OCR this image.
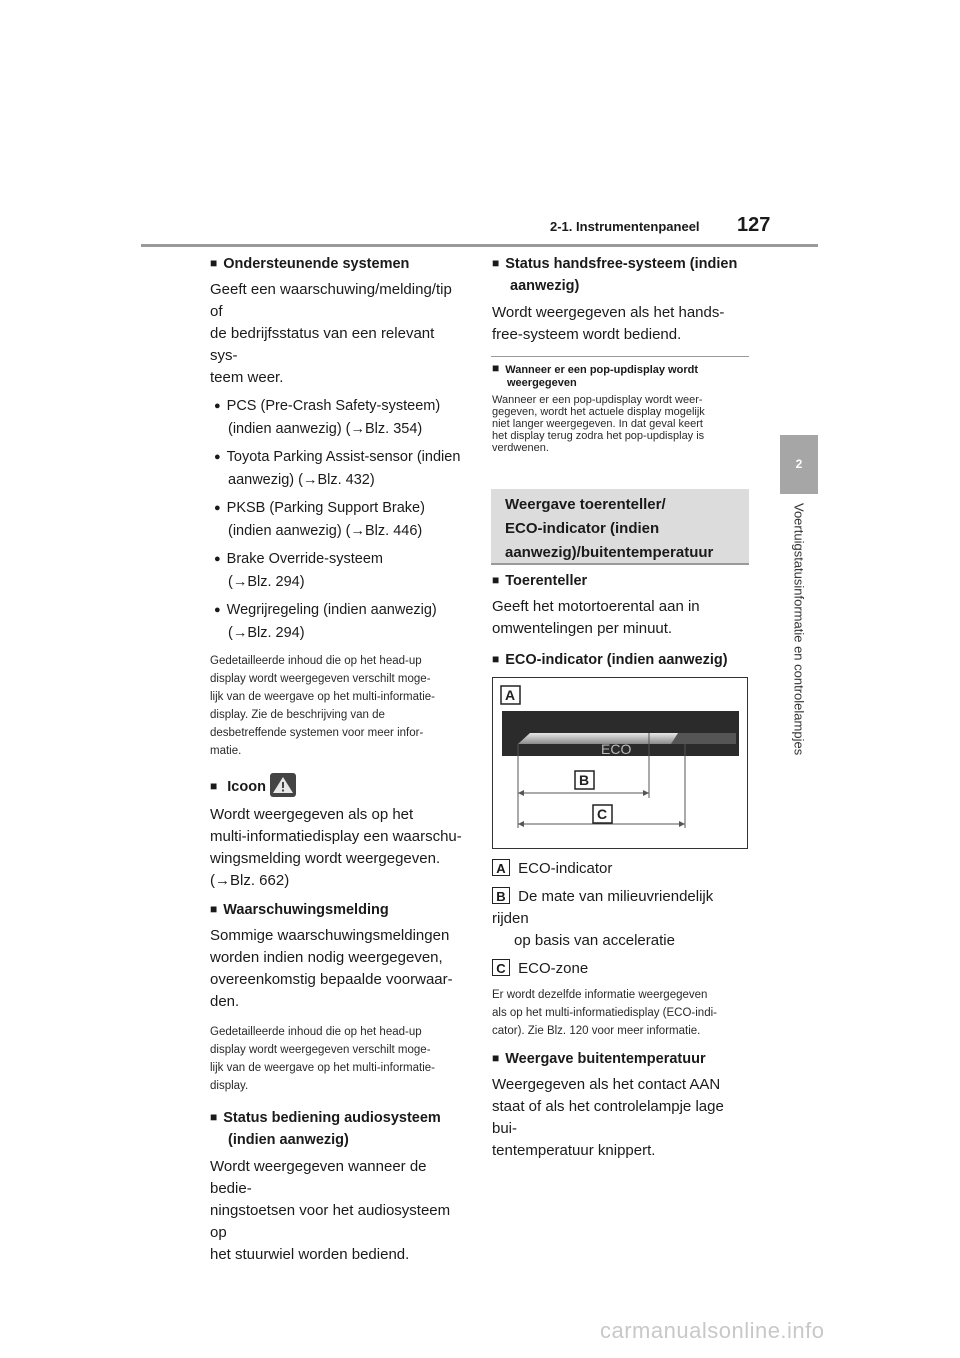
2-1. Instrumentenpaneel 127
2
Voertuigstatusinformatie en controlelampjes
■ Ondersteunende systemen
Geeft een waarschuwing/melding/tip of
de bedrijfsstatus van een relevant sys-
teem weer.
● PCS (Pre-Crash Safety-systeem)
(indien aanwezig) (→Blz. 354)
● Toyota Parking Assist-sensor (indien
aanwezig) (→Blz. 432)
● PKSB (Parking Support Brake)
(indien aanwezig) (→Blz. 446)
● Brake Override-systeem
(→Blz. 294)
● Wegrijregeling (indien aanwezig)
(→Blz. 294)
Gedetailleerde inhoud die op het head-up
display wordt weergegeven verschilt moge-
lijk van de weergave op het multi-informatie-
display. Zie de beschrijving van de
desbetreffende systemen voor meer infor-
matie.
■ Icoon
Wordt weergegeven als op het
multi-informatiedisplay een waarschu-
wingsmelding wordt weergegeven.
(→Blz. 662)
■ Waarschuwingsmelding
Sommige waarschuwingsmeldingen
worden indien nodig weergegeven,
overeenkomstig bepaalde voorwaar-
den.
Gedetailleerde inhoud die op het head-up
display wordt weergegeven verschilt moge-
lijk van de weergave op het multi-informatie-
display.
■ Status bediening audiosysteem
(indien aanwezig)
Wordt weergegeven wanneer de bedie-
ningstoetsen voor het audiosysteem op
het stuurwiel worden bediend.
■ Status handsfree-systeem (indien
aanwezig)
Wordt weergegeven als het hands-
free-systeem wordt bediend.
■ Wanneer er een pop-updisplay wordt
weergegeven
Wanneer er een pop-updisplay wordt weer-
gegeven, wordt het actuele display mogelijk
niet langer weergegeven. In dat geval keert
het display terug zodra het pop-updisplay is
verdwenen.
Weergave toerenteller/
ECO-indicator (indien
aanwezig)/buitentemperatuur
■ Toerenteller
Geeft het motortoerental aan in
omwentelingen per minuut.
■ ECO-indicator (indien aanwezig)
ECO
A
B
C
A ECO-indicator
B De mate van milieuvriendelijk rijden
op basis van acceleratie
C ECO-zone
Er wordt dezelfde informatie weergegeven
als op het multi-informatiedisplay (ECO-indi-
cator). Zie Blz. 120 voor meer informatie.
■ Weergave buitentemperatuur
Weergegeven als het contact AAN
staat of als het controlelampje lage bui-
tentemperatuur knippert.
carmanualsonline.info
